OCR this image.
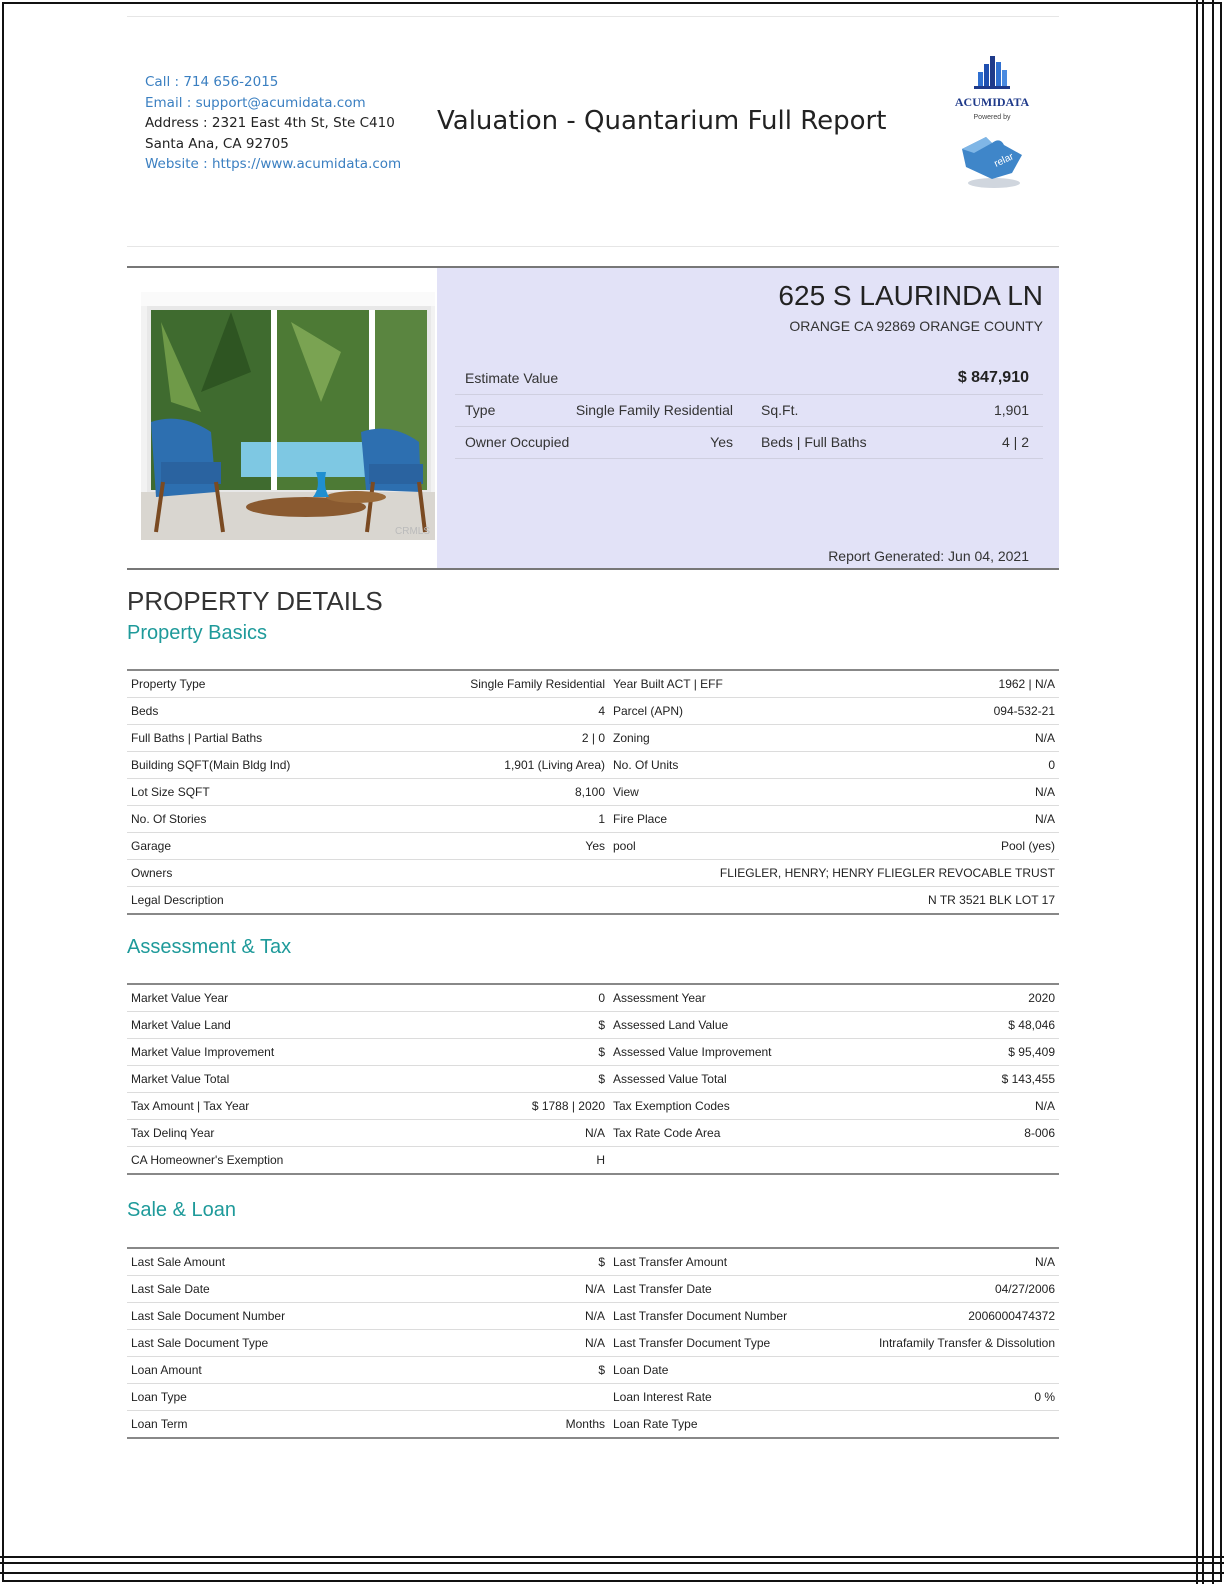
Call : 714 656-2015
Email : support@acumidata.com
Address : 2321 East 4th St, Ste C410
Santa Ana, CA 92705
Website : https://www.acumidata.com
Valuation - Quantarium Full Report
ACUMIDATA
Powered by
relar
CRMLS
625 S LAURINDA LN
ORANGE CA 92869 ORANGE COUNTY
Estimate Value	$ 847,910
Type	Single Family Residential Sq.Ft.	1,901
Owner Occupied	Yes Beds | Full Baths	4 | 2
Report Generated: Jun 04, 2021
PROPERTY DETAILS
Property Basics
Property Type	Single Family Residential	Year Built ACT | EFF	1962 | N/A
Beds	4	Parcel (APN)	094-532-21
Full Baths | Partial Baths	2 | 0	Zoning	N/A
Building SQFT(Main Bldg Ind)	1,901 (Living Area)	No. Of Units	0
Lot Size SQFT	8,100	View	N/A
No. Of Stories	1	Fire Place	N/A
Garage	Yes	pool	Pool (yes)
Owners	FLIEGLER, HENRY; HENRY FLIEGLER REVOCABLE TRUST		
Legal Description	N TR 3521 BLK LOT 17		
Assessment & Tax
Market Value Year	0	Assessment Year	2020
Market Value Land	$	Assessed Land Value	$ 48,046
Market Value Improvement	$	Assessed Value Improvement	$ 95,409
Market Value Total	$	Assessed Value Total	$ 143,455
Tax Amount | Tax Year	$ 1788 | 2020	Tax Exemption Codes	N/A
Tax Delinq Year	N/A	Tax Rate Code Area	8-006
CA Homeowner's Exemption	H		
Sale & Loan
Last Sale Amount	$	Last Transfer Amount	N/A
Last Sale Date	N/A	Last Transfer Date	04/27/2006
Last Sale Document Number	N/A	Last Transfer Document Number	2006000474372
Last Sale Document Type	N/A	Last Transfer Document Type	Intrafamily Transfer & Dissolution
Loan Amount	$	Loan Date	
Loan Type		Loan Interest Rate	0 %
Loan Term	Months	Loan Rate Type	
